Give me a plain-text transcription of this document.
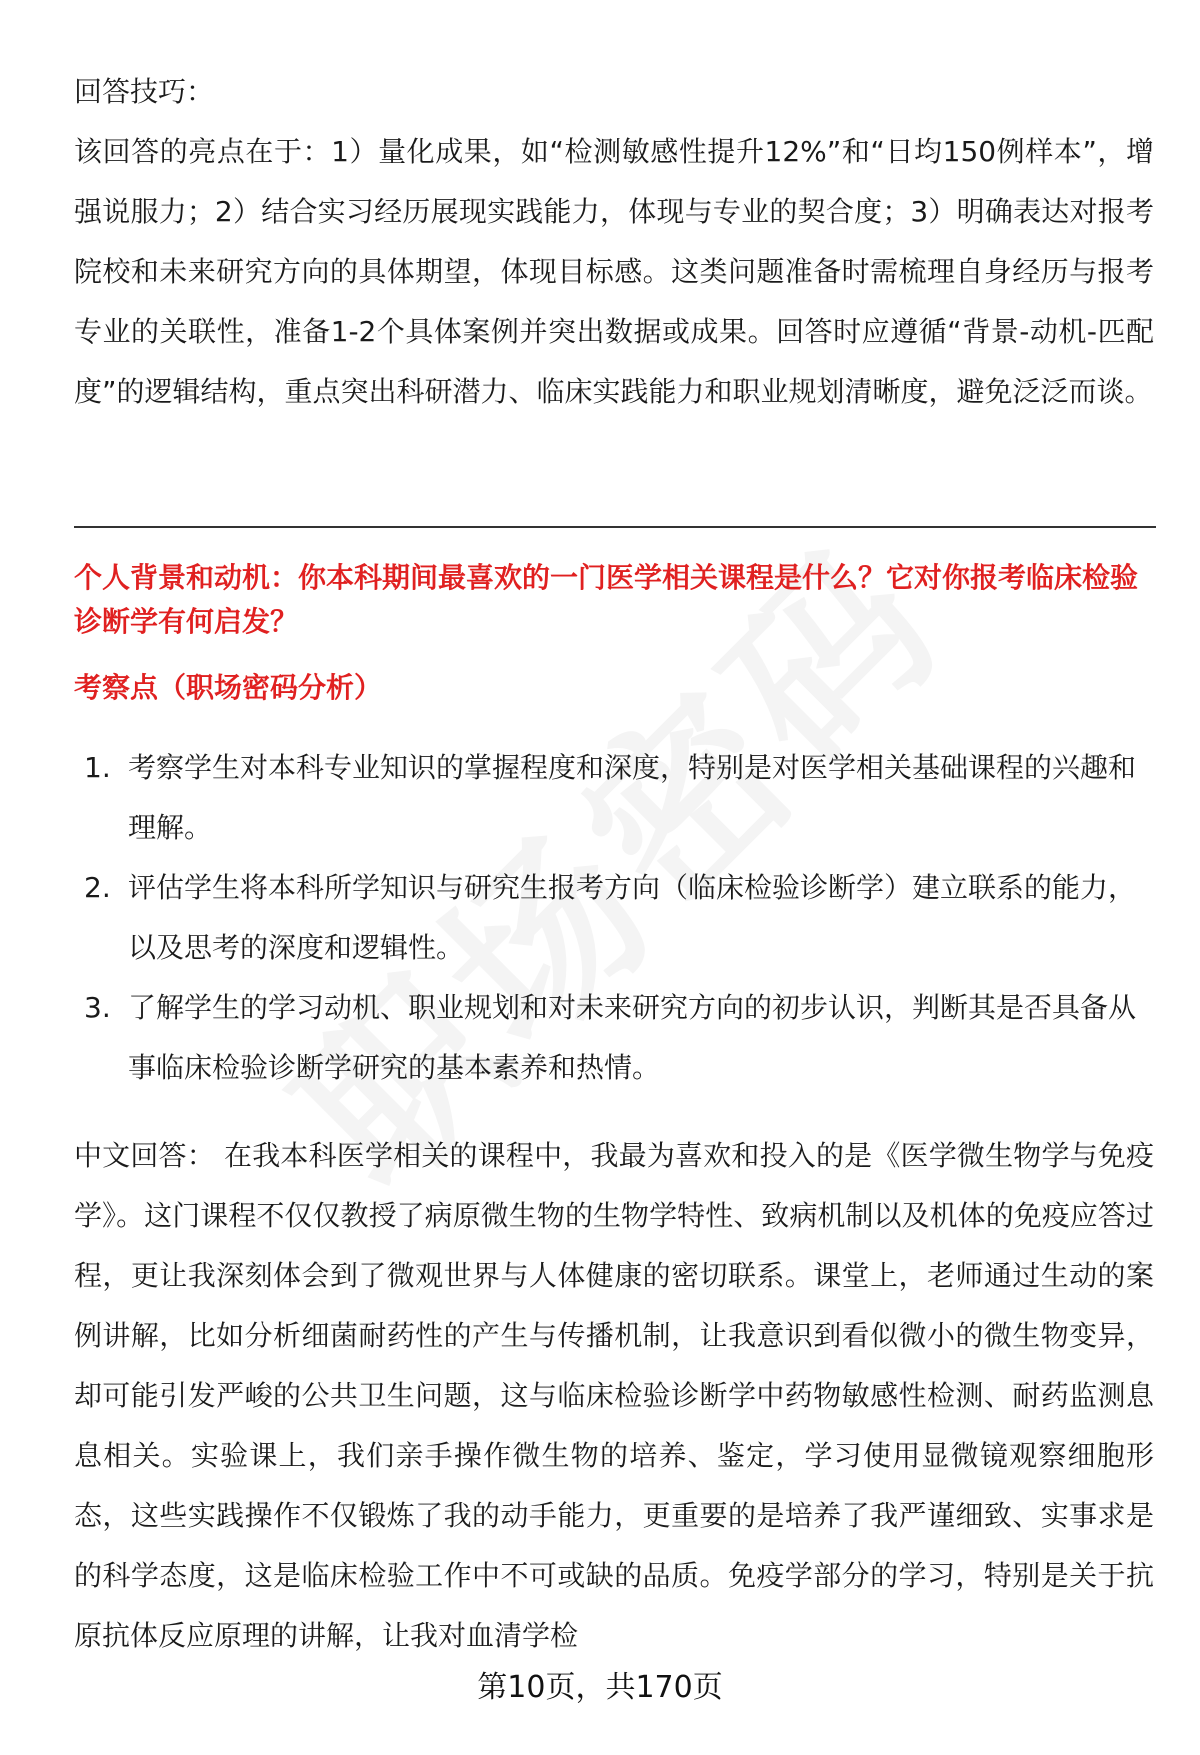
回答技巧：

该回答的亮点在于：1）量化成果，如“检测敏感性提升12%”和“日均150例样本”，增强说服力；2）结合实习经历展现实践能力，体现与专业的契合度；3）明确表达对报考院校和未来研究方向的具体期望，体现目标感。这类问题准备时需梳理自身经历与报考专业的关联性，准备1-2个具体案例并突出数据或成果。回答时应遵循“背景-动机-匹配度”的逻辑结构，重点突出科研潜力、临床实践能力和职业规划清晰度，避免泛泛而谈。

个人背景和动机：你本科期间最喜欢的一门医学相关课程是什么？它对你报考临床检验诊断学有何启发？

考察点（职场密码分析）

1. 考察学生对本科专业知识的掌握程度和深度，特别是对医学相关基础课程的兴趣和理解。
2. 评估学生将本科所学知识与研究生报考方向（临床检验诊断学）建立联系的能力，以及思考的深度和逻辑性。
3. 了解学生的学习动机、职业规划和对未来研究方向的初步认识，判断其是否具备从事临床检验诊断学研究的基本素养和热情。

中文回答： 在我本科医学相关的课程中，我最为喜欢和投入的是《医学微生物学与免疫学》。这门课程不仅仅教授了病原微生物的生物学特性、致病机制以及机体的免疫应答过程，更让我深刻体会到了微观世界与人体健康的密切联系。课堂上，老师通过生动的案例讲解，比如分析细菌耐药性的产生与传播机制，让我意识到看似微小的微生物变异，却可能引发严峻的公共卫生问题，这与临床检验诊断学中药物敏感性检测、耐药监测息息相关。实验课上，我们亲手操作微生物的培养、鉴定，学习使用显微镜观察细胞形态，这些实践操作不仅锻炼了我的动手能力，更重要的是培养了我严谨细致、实事求是的科学态度，这是临床检验工作中不可或缺的品质。免疫学部分的学习，特别是关于抗原抗体反应原理的讲解，让我对血清学检

第10页，共170页
